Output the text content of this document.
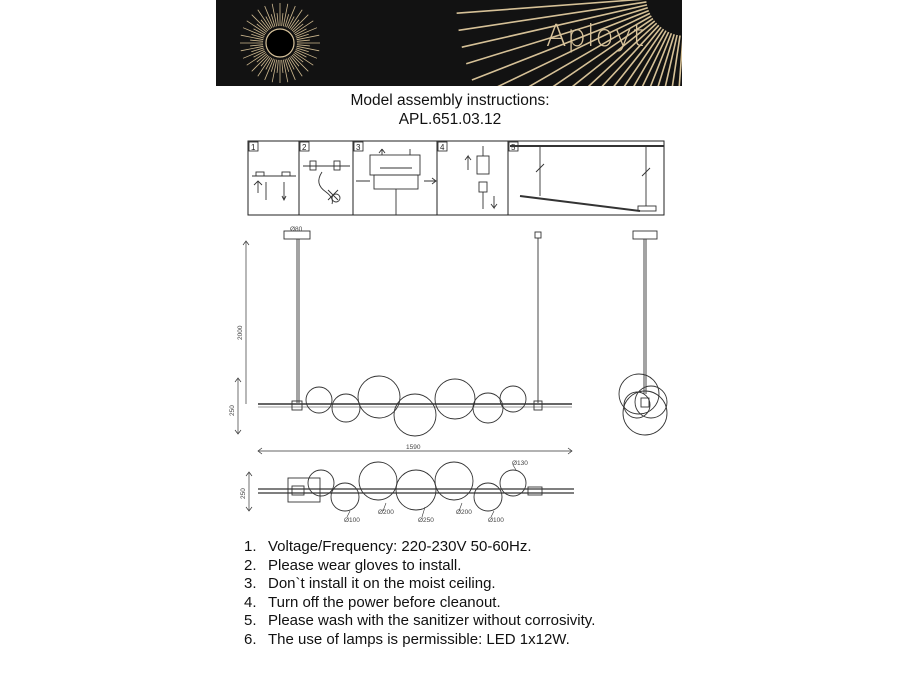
Aployt
Model assembly instructions:
APL.651.03.12
1	2	3	4	5
Ø80
2000
250
1590
250
Ø130
Ø100
Ø200
Ø250
Ø200
Ø100
1. Voltage/Frequency: 220-230V 50-60Hz.
2. Please wear gloves to install.
3. Don`t install it on the moist ceiling.
4. Turn off the power before cleanout.
5. Please wash with the sanitizer without corrosivity.
6. The use of lamps is permissible: LED 1x12W.
